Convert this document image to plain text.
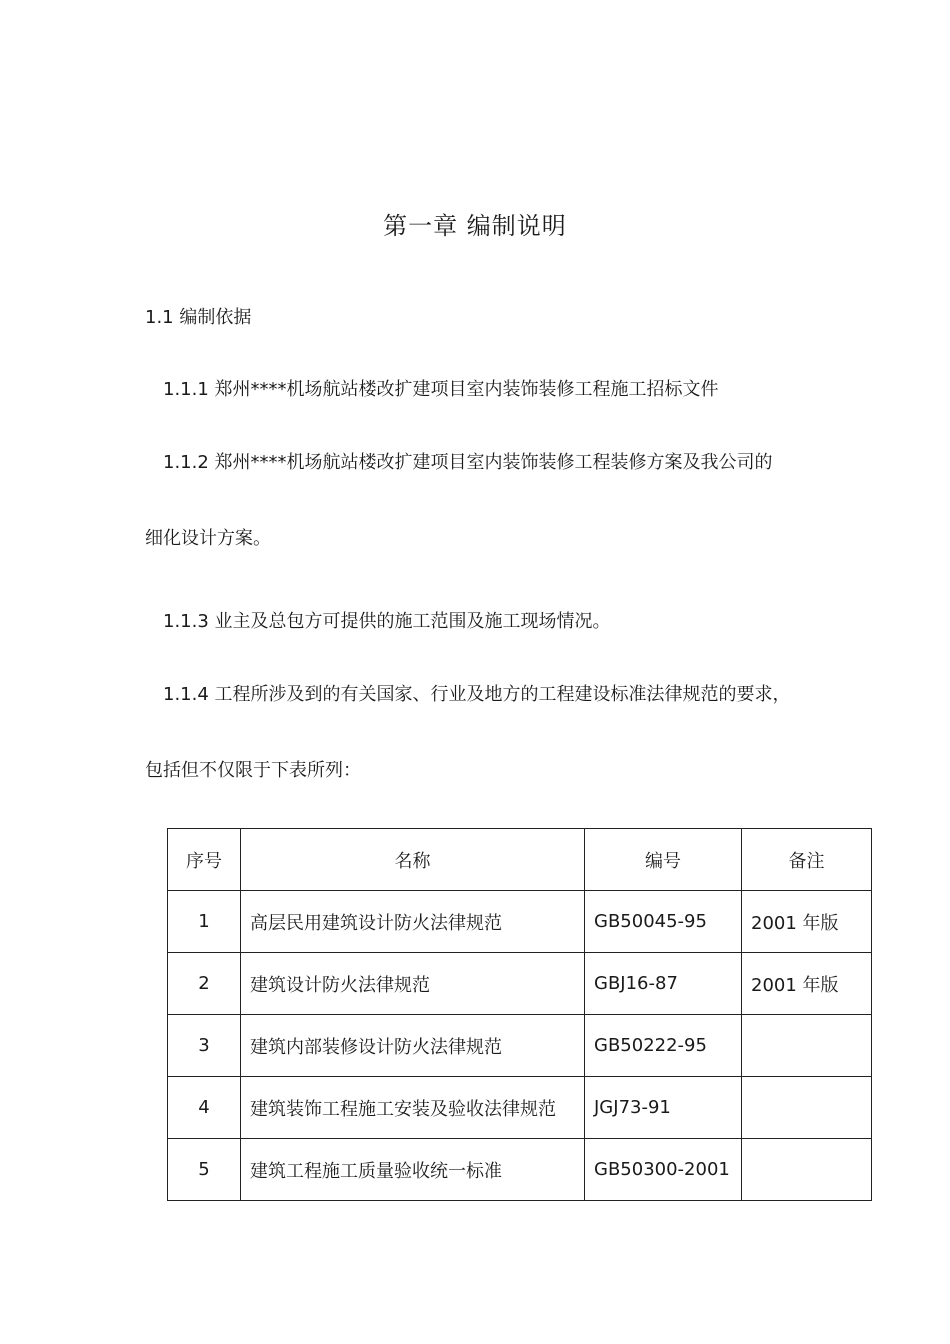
第一章 编制说明
1.1 编制依据
1.1.1 郑州****机场航站楼改扩建项目室内装饰装修工程施工招标文件
1.1.2 郑州****机场航站楼改扩建项目室内装饰装修工程装修方案及我公司的
细化设计方案。
1.1.3 业主及总包方可提供的施工范围及施工现场情况。
1.1.4 工程所涉及到的有关国家、行业及地方的工程建设标准法律规范的要求，
包括但不仅限于下表所列：
序号	名称	编号	备注
1	高层民用建筑设计防火法律规范	GB50045-95	2001 年版
2	建筑设计防火法律规范	GBJ16-87	2001 年版
3	建筑内部装修设计防火法律规范	GB50222-95	
4	建筑装饰工程施工安装及验收法律规范	JGJ73-91	
5	建筑工程施工质量验收统一标准	GB50300-2001	
